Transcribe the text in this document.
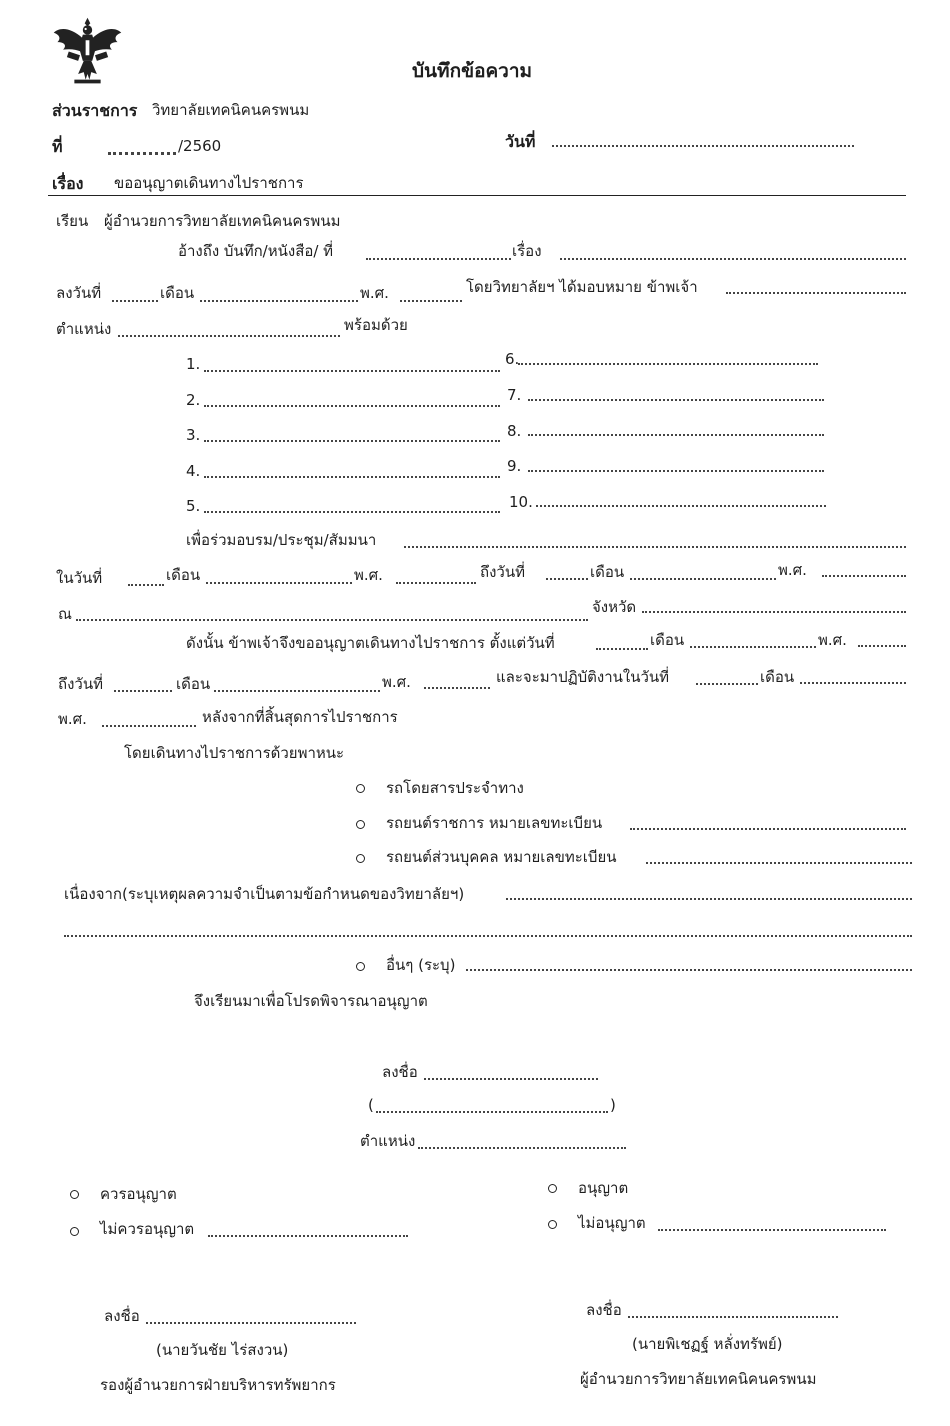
บันทึกข้อความ
ส่วนราชการ วิทยาลัยเทคนิคนครพนม
ที่	/2560	วันที่
เรื่อง ขออนุญาตเดินทางไปราชการ
เรียน ผู้อำนวยการวิทยาลัยเทคนิคนครพนม
อ้างถึง บันทึก/หนังสือ/ ที่	เรื่อง
ลงวันที่	เดือน	พ.ศ.	โดยวิทยาลัยฯ ได้มอบหมาย ข้าพเจ้า
ตำแหน่ง	พร้อมด้วย
1.	6.
2.	7.
3.	8.
4.	9.
5.	10.
เพื่อร่วมอบรม/ประชุม/สัมมนา
ในวันที่	เดือน	พ.ศ.	ถึงวันที่	เดือน	พ.ศ.
ณ	จังหวัด
ดังนั้น ข้าพเจ้าจึงขออนุญาตเดินทางไปราชการ ตั้งแต่วันที่	เดือน	พ.ศ.
ถึงวันที่	เดือน	พ.ศ.	และจะมาปฏิบัติงานในวันที่	เดือน
พ.ศ.	หลังจากที่สิ้นสุดการไปราชการ
โดยเดินทางไปราชการด้วยพาหนะ
รถโดยสารประจำทาง
รถยนต์ราชการ หมายเลขทะเบียน
รถยนต์ส่วนบุคคล หมายเลขทะเบียน
เนื่องจาก(ระบุเหตุผลความจำเป็นตามข้อกำหนดของวิทยาลัยฯ)
อื่นๆ (ระบุ)
จึงเรียนมาเพื่อโปรดพิจารณาอนุญาต
ลงชื่อ
(	)
ตำแหน่ง
ควรอนุญาต
ไม่ควรอนุญาต
อนุญาต
ไม่อนุญาต
ลงชื่อ
(นายวันชัย ไร่สงวน)
รองผู้อำนวยการฝ่ายบริหารทรัพยากร
ลงชื่อ
(นายพิเชฏฐ์ หลั่งทรัพย์)
ผู้อำนวยการวิทยาลัยเทคนิคนครพนม
